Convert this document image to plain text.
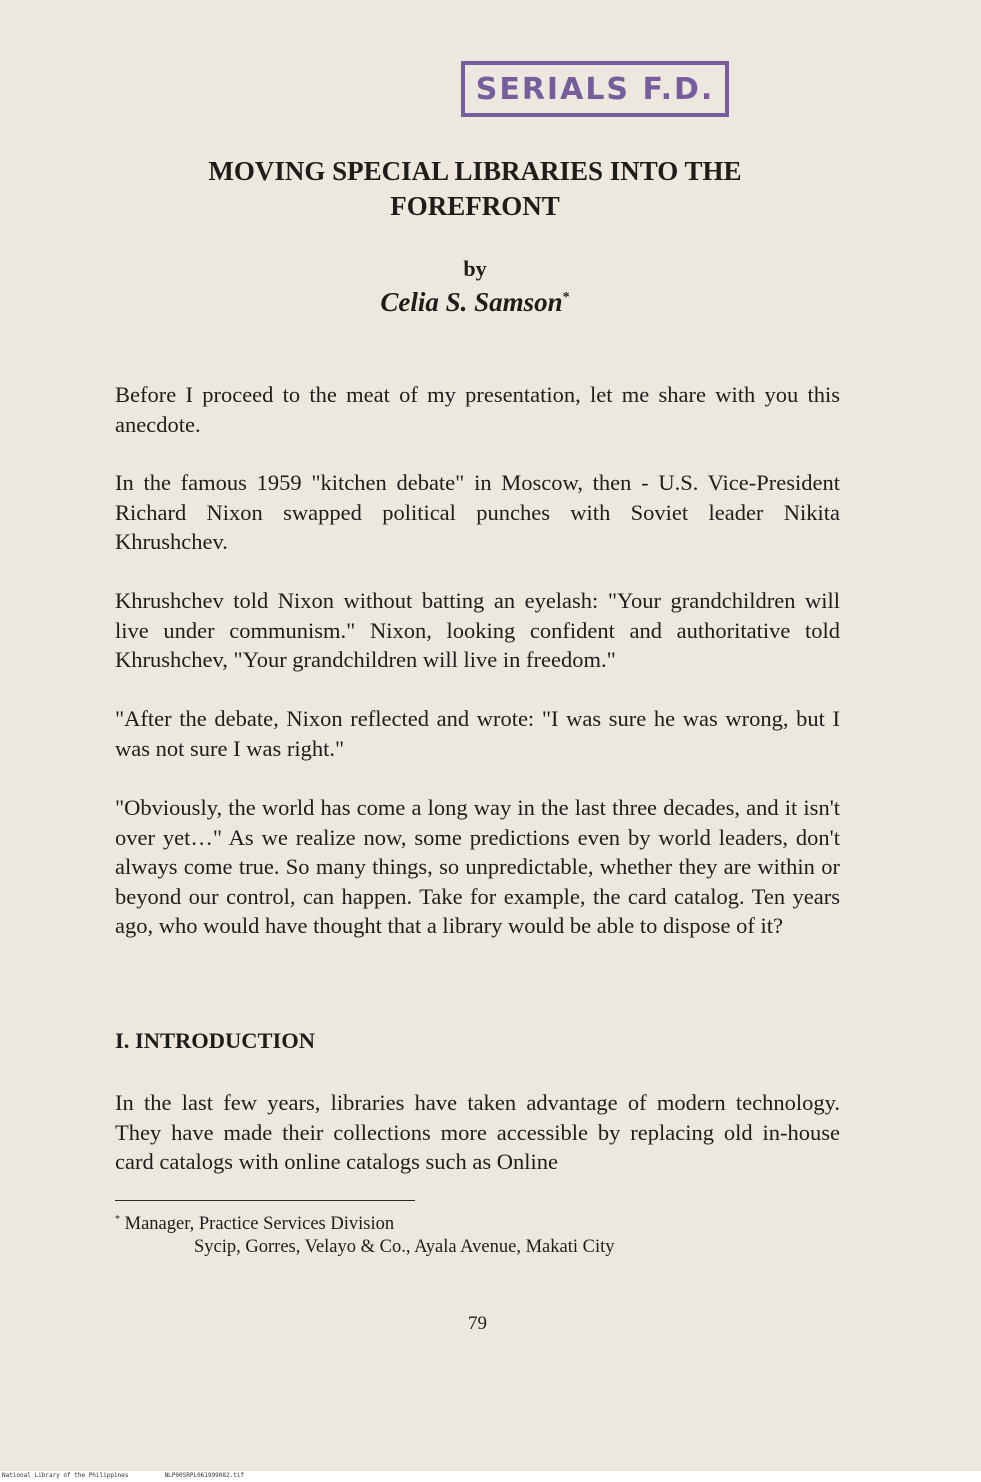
SERIALS F.D.
MOVING SPECIAL LIBRARIES INTO THE
FOREFRONT
by
Celia S. Samson*

Before I proceed to the meat of my presentation, let me share with you this anecdote.

In the famous 1959 "kitchen debate" in Moscow, then - U.S. Vice-President Richard Nixon swapped political punches with Soviet leader Nikita Khrushchev.

Khrushchev told Nixon without batting an eyelash: "Your grandchildren will live under communism." Nixon, looking confident and authoritative told Khrushchev, "Your grandchildren will live in freedom."

"After the debate, Nixon reflected and wrote: "I was sure he was wrong, but I was not sure I was right."

"Obviously, the world has come a long way in the last three decades, and it isn't over yet…" As we realize now, some predictions even by world leaders, don't always come true. So many things, so unpredictable, whether they are within or beyond our control, can happen. Take for example, the card catalog. Ten years ago, who would have thought that a library would be able to dispose of it?

I. INTRODUCTION

In the last few years, libraries have taken advantage of modern technology. They have made their collections more accessible by replacing old in-house card catalogs with online catalogs such as Online

* Manager, Practice Services Division
Sycip, Gorres, Velayo & Co., Ayala Avenue, Makati City
79
National Library of the Philippines	NLP00SRPL061999082.tif
